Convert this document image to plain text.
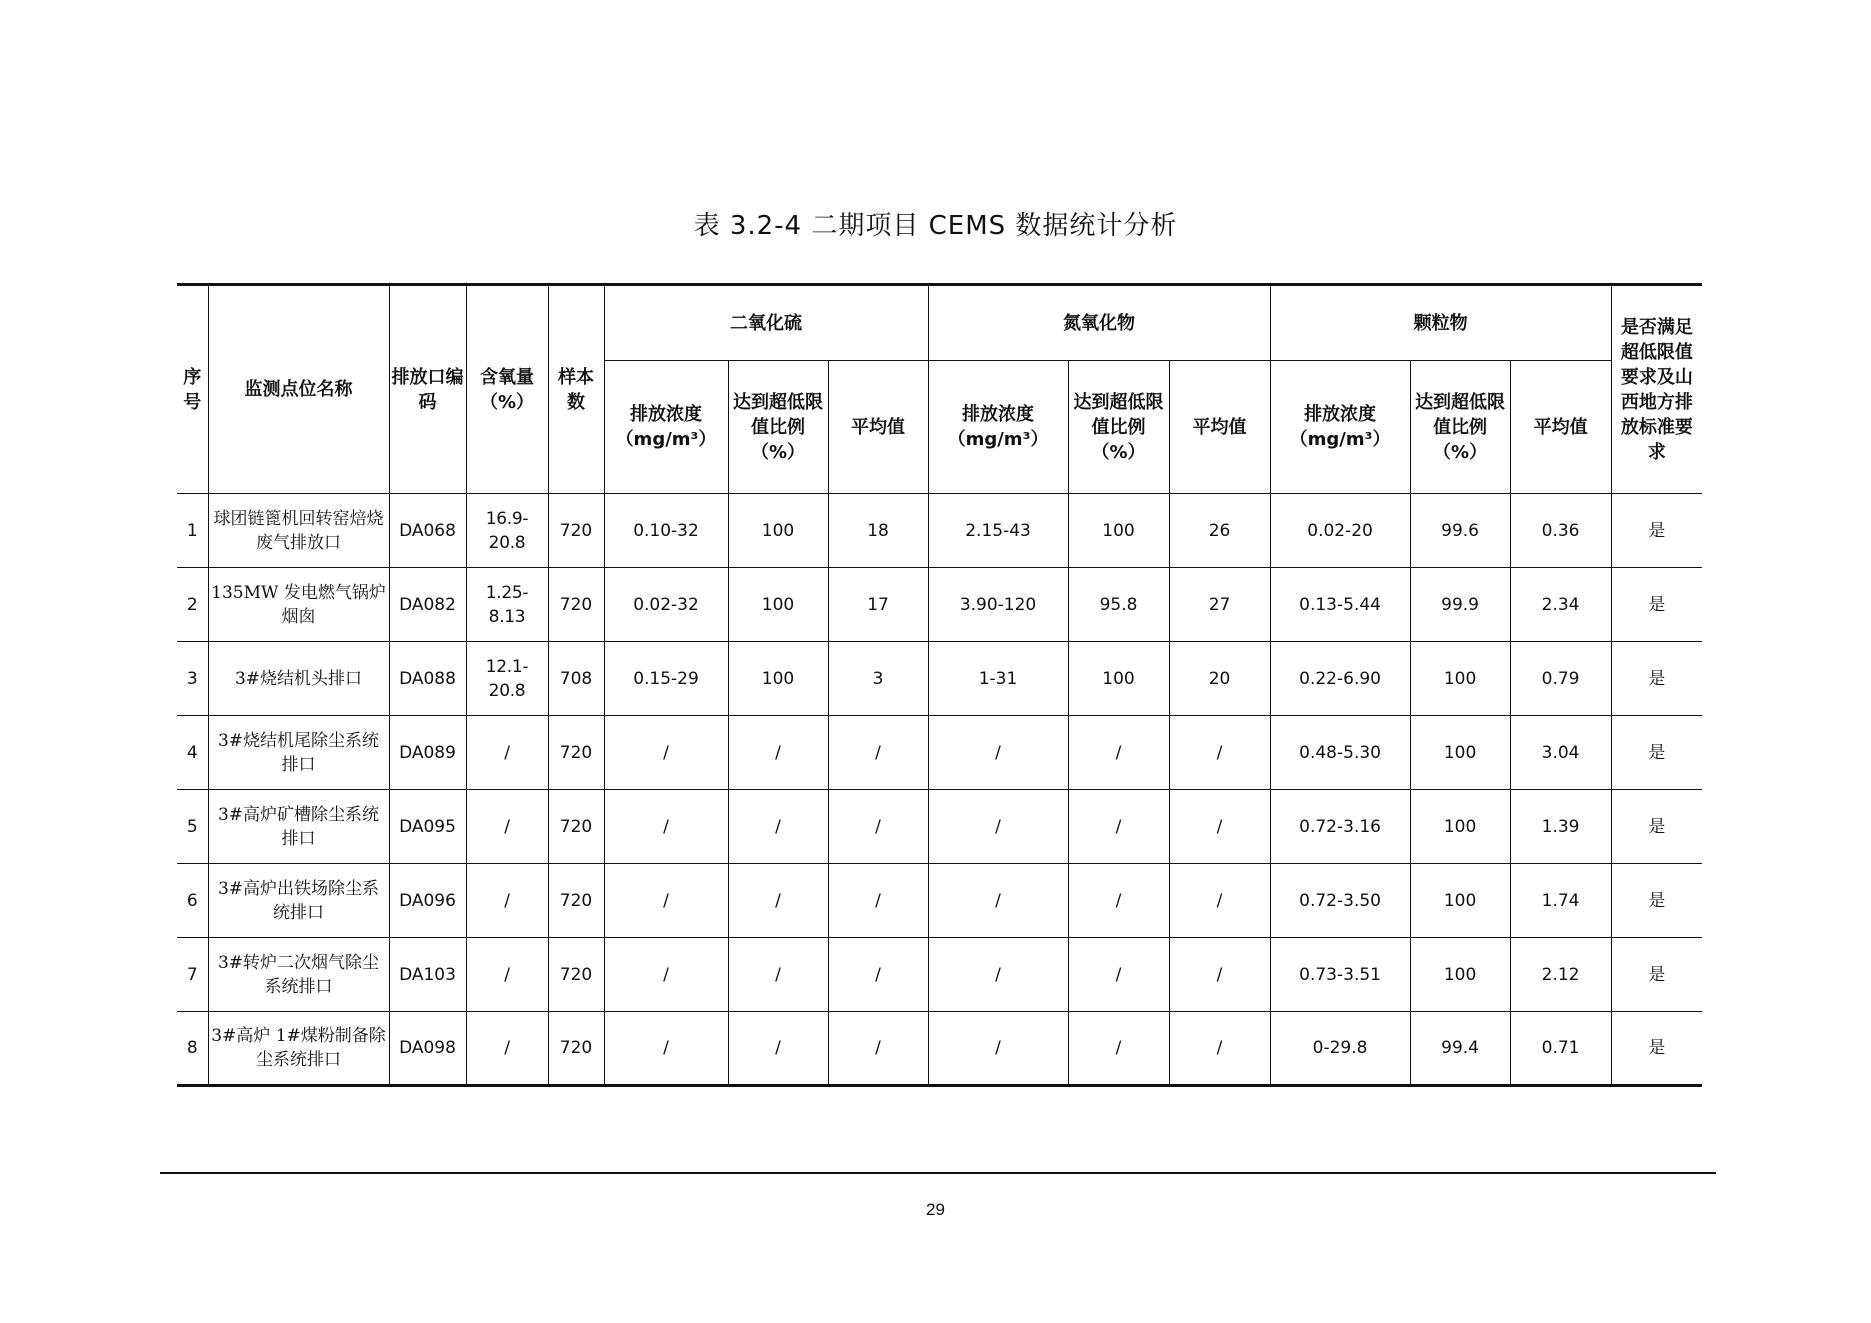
表 3.2-4 二期项目 CEMS 数据统计分析
序号	监测点位名称	排放口编码	含氧量（%）	样本数	二氧化硫			氮氧化物			颗粒物			是否满足超低限值要求及山西地方排放标准要求
					排放浓度（mg/m³）	达到超低限值比例（%）	平均值	排放浓度（mg/m³）	达到超低限值比例（%）	平均值	排放浓度（mg/m³）	达到超低限值比例（%）	平均值	
1	球团链篦机回转窑焙烧废气排放口	DA068	16.9-20.8	720	0.10-32	100	18	2.15-43	100	26	0.02-20	99.6	0.36	是
2	135MW 发电燃气锅炉烟囱	DA082	1.25-8.13	720	0.02-32	100	17	3.90-120	95.8	27	0.13-5.44	99.9	2.34	是
3	3#烧结机头排口	DA088	12.1-20.8	708	0.15-29	100	3	1-31	100	20	0.22-6.90	100	0.79	是
4	3#烧结机尾除尘系统排口	DA089	/	720	/	/	/	/	/	/	0.48-5.30	100	3.04	是
5	3#高炉矿槽除尘系统排口	DA095	/	720	/	/	/	/	/	/	0.72-3.16	100	1.39	是
6	3#高炉出铁场除尘系统排口	DA096	/	720	/	/	/	/	/	/	0.72-3.50	100	1.74	是
7	3#转炉二次烟气除尘系统排口	DA103	/	720	/	/	/	/	/	/	0.73-3.51	100	2.12	是
8	3#高炉 1#煤粉制备除尘系统排口	DA098	/	720	/	/	/	/	/	/	0-29.8	99.4	0.71	是
29
